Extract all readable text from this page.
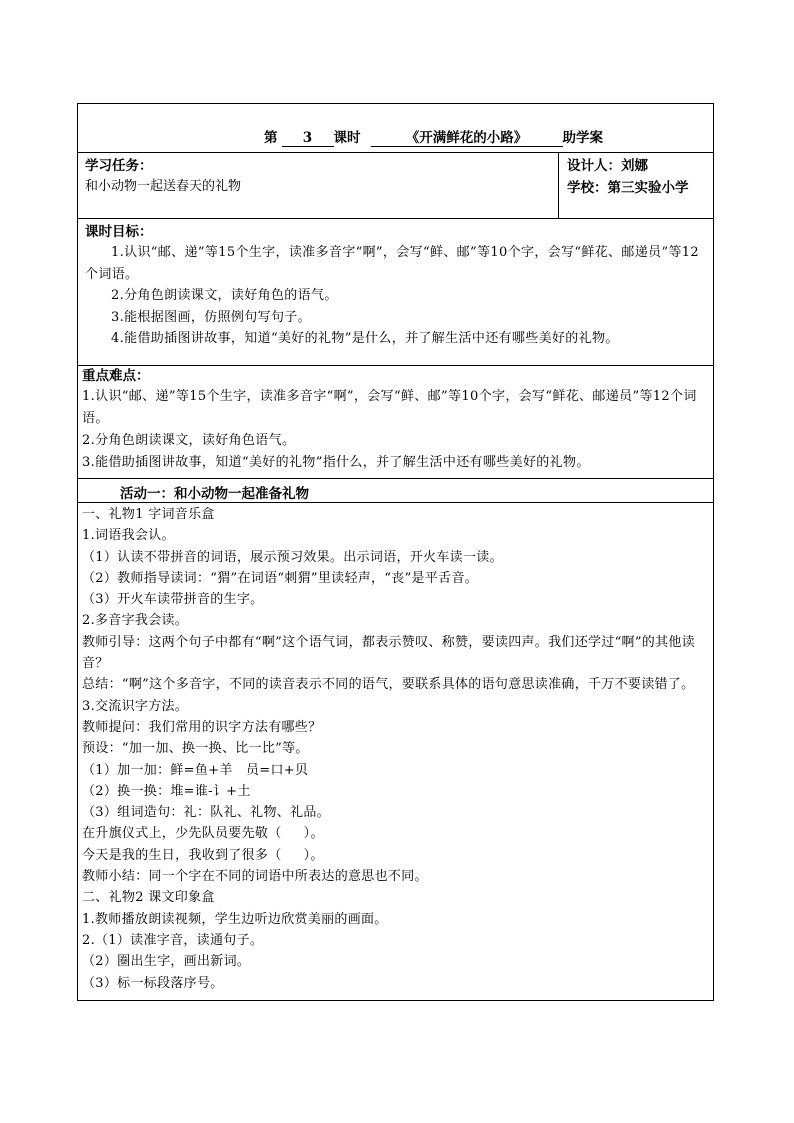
第 3 课时	《开满鲜花的小路》	助学案
学习任务：
和小动物一起送春天的礼物
设计人：刘娜
学校：第三实验小学
课时目标：
1.认识“邮、递”等15个生字，读准多音字“啊”，会写“鲜、邮”等10个字，会写“鲜花、邮递员”等12个词语。
2.分角色朗读课文，读好角色的语气。
3.能根据图画，仿照例句写句子。
4.能借助插图讲故事，知道“美好的礼物”是什么，并了解生活中还有哪些美好的礼物。
重点难点：
1.认识“邮、递”等15个生字，读准多音字“啊”，会写“鲜、邮”等10个字，会写“鲜花、邮递员”等12个词语。
2.分角色朗读课文，读好角色语气。
3.能借助插图讲故事，知道“美好的礼物”指什么，并了解生活中还有哪些美好的礼物。
活动一：和小动物一起准备礼物
一、礼物1 字词音乐盒
1.词语我会认。
（1）认读不带拼音的词语，展示预习效果。出示词语，开火车读一读。
（2）教师指导读词：“猬”在词语“刺猬”里读轻声，“丧”是平舌音。
（3）开火车读带拼音的生字。
2.多音字我会读。
教师引导：这两个句子中都有“啊”这个语气词，都表示赞叹、称赞，要读四声。我们还学过“啊”的其他读音？
总结：“啊”这个多音字，不同的读音表示不同的语气，要联系具体的语句意思读准确，千万不要读错了。
3.交流识字方法。
教师提问：我们常用的识字方法有哪些？
预设：“加一加、换一换、比一比”等。
（1）加一加：鲜=鱼+羊   员=口+贝
（2）换一换：堆=谁-讠+土
（3）组词造句：礼：队礼、礼物、礼品。
在升旗仪式上，少先队员要先敬（     ）。
今天是我的生日，我收到了很多（     ）。
教师小结：同一个字在不同的词语中所表达的意思也不同。
二、礼物2 课文印象盒
1.教师播放朗读视频，学生边听边欣赏美丽的画面。
2.（1）读准字音，读通句子。
（2）圈出生字，画出新词。
（3）标一标段落序号。
